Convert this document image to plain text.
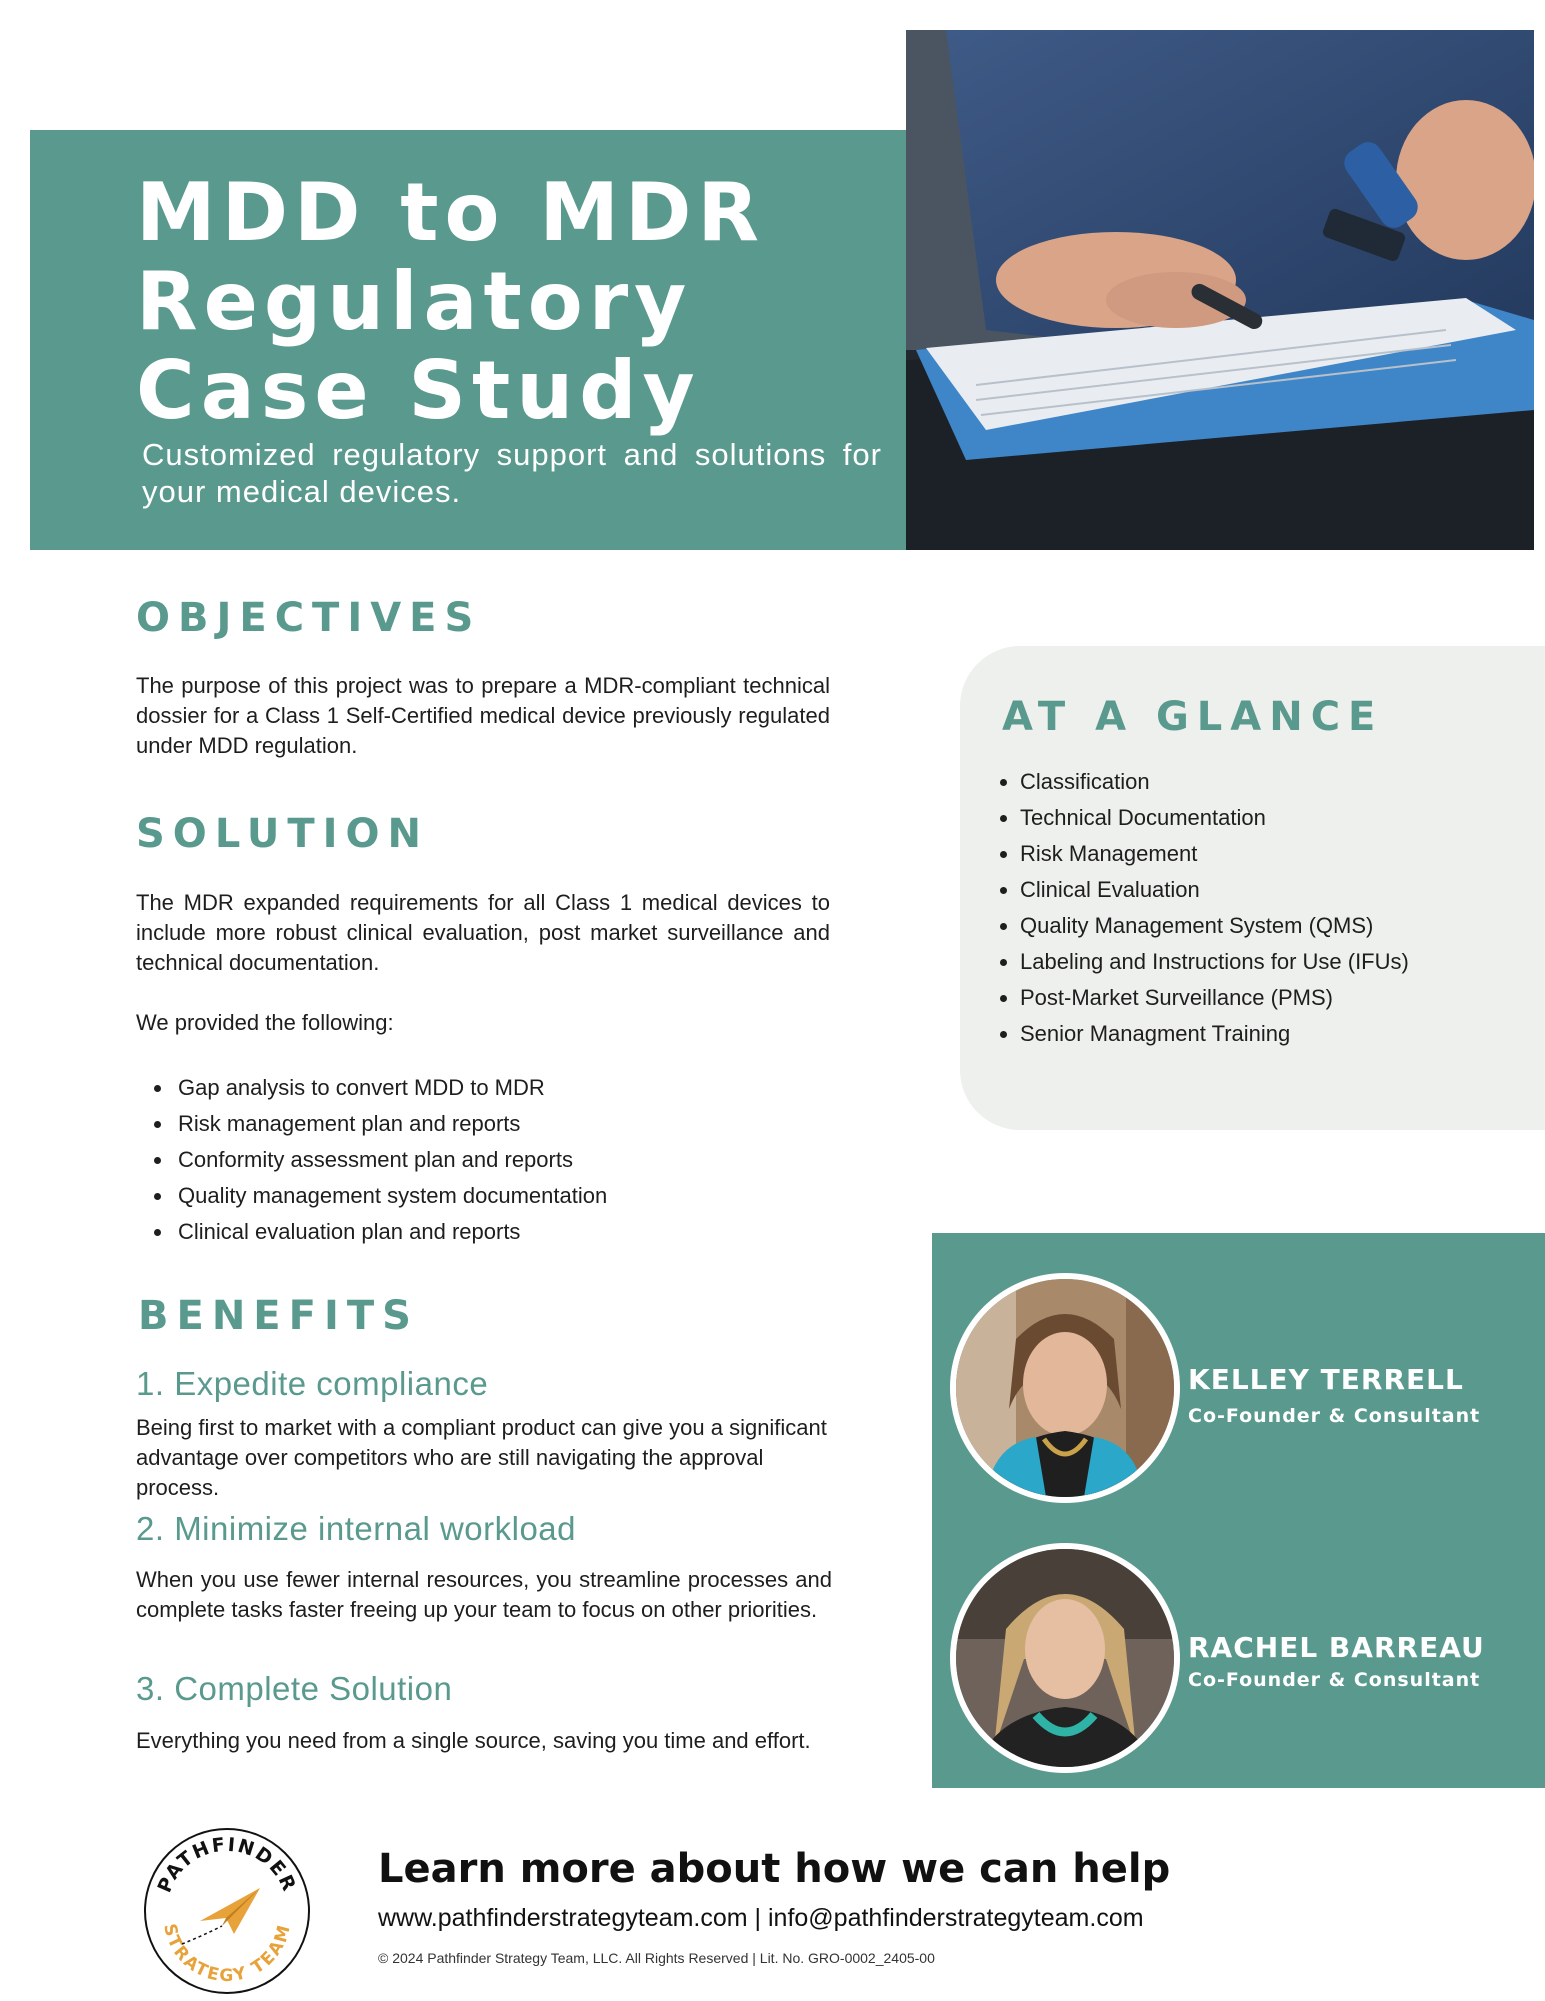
MDD to MDR
Regulatory
Case Study

Customized regulatory support and solutions for your medical devices.

OBJECTIVES

The purpose of this project was to prepare a MDR-compliant technical dossier for a Class 1 Self-Certified medical device previously regulated under MDD regulation.

SOLUTION

The MDR expanded requirements for all Class 1 medical devices to include more robust clinical evaluation, post market surveillance and technical documentation.

We provided the following:

• Gap analysis to convert MDD to MDR
• Risk management plan and reports
• Conformity assessment plan and reports
• Quality management system documentation
• Clinical evaluation plan and reports
BENEFITS
1. Expedite compliance

Being first to market with a compliant product can give you a significant advantage over competitors who are still navigating the approval process.

2. Minimize internal workload

When you use fewer internal resources, you streamline processes and complete tasks faster freeing up your team to focus on other priorities.

3. Complete Solution

Everything you need from a single source, saving you time and effort.

AT A GLANCE
• Classification
• Technical Documentation
• Risk Management
• Clinical Evaluation
• Quality Management System (QMS)
• Labeling and Instructions for Use (IFUs)
• Post-Market Surveillance (PMS)
• Senior Managment Training

KELLEY TERRELL

Co-Founder & Consultant

RACHEL BARREAU

Co-Founder & Consultant

PATHFINDER
STRATEGY TEAM

Learn more about how we can help

www.pathfinderstrategyteam.com | info@pathfinderstrategyteam.com

© 2024 Pathfinder Strategy Team, LLC. All Rights Reserved | Lit. No. GRO-0002_2405-00
